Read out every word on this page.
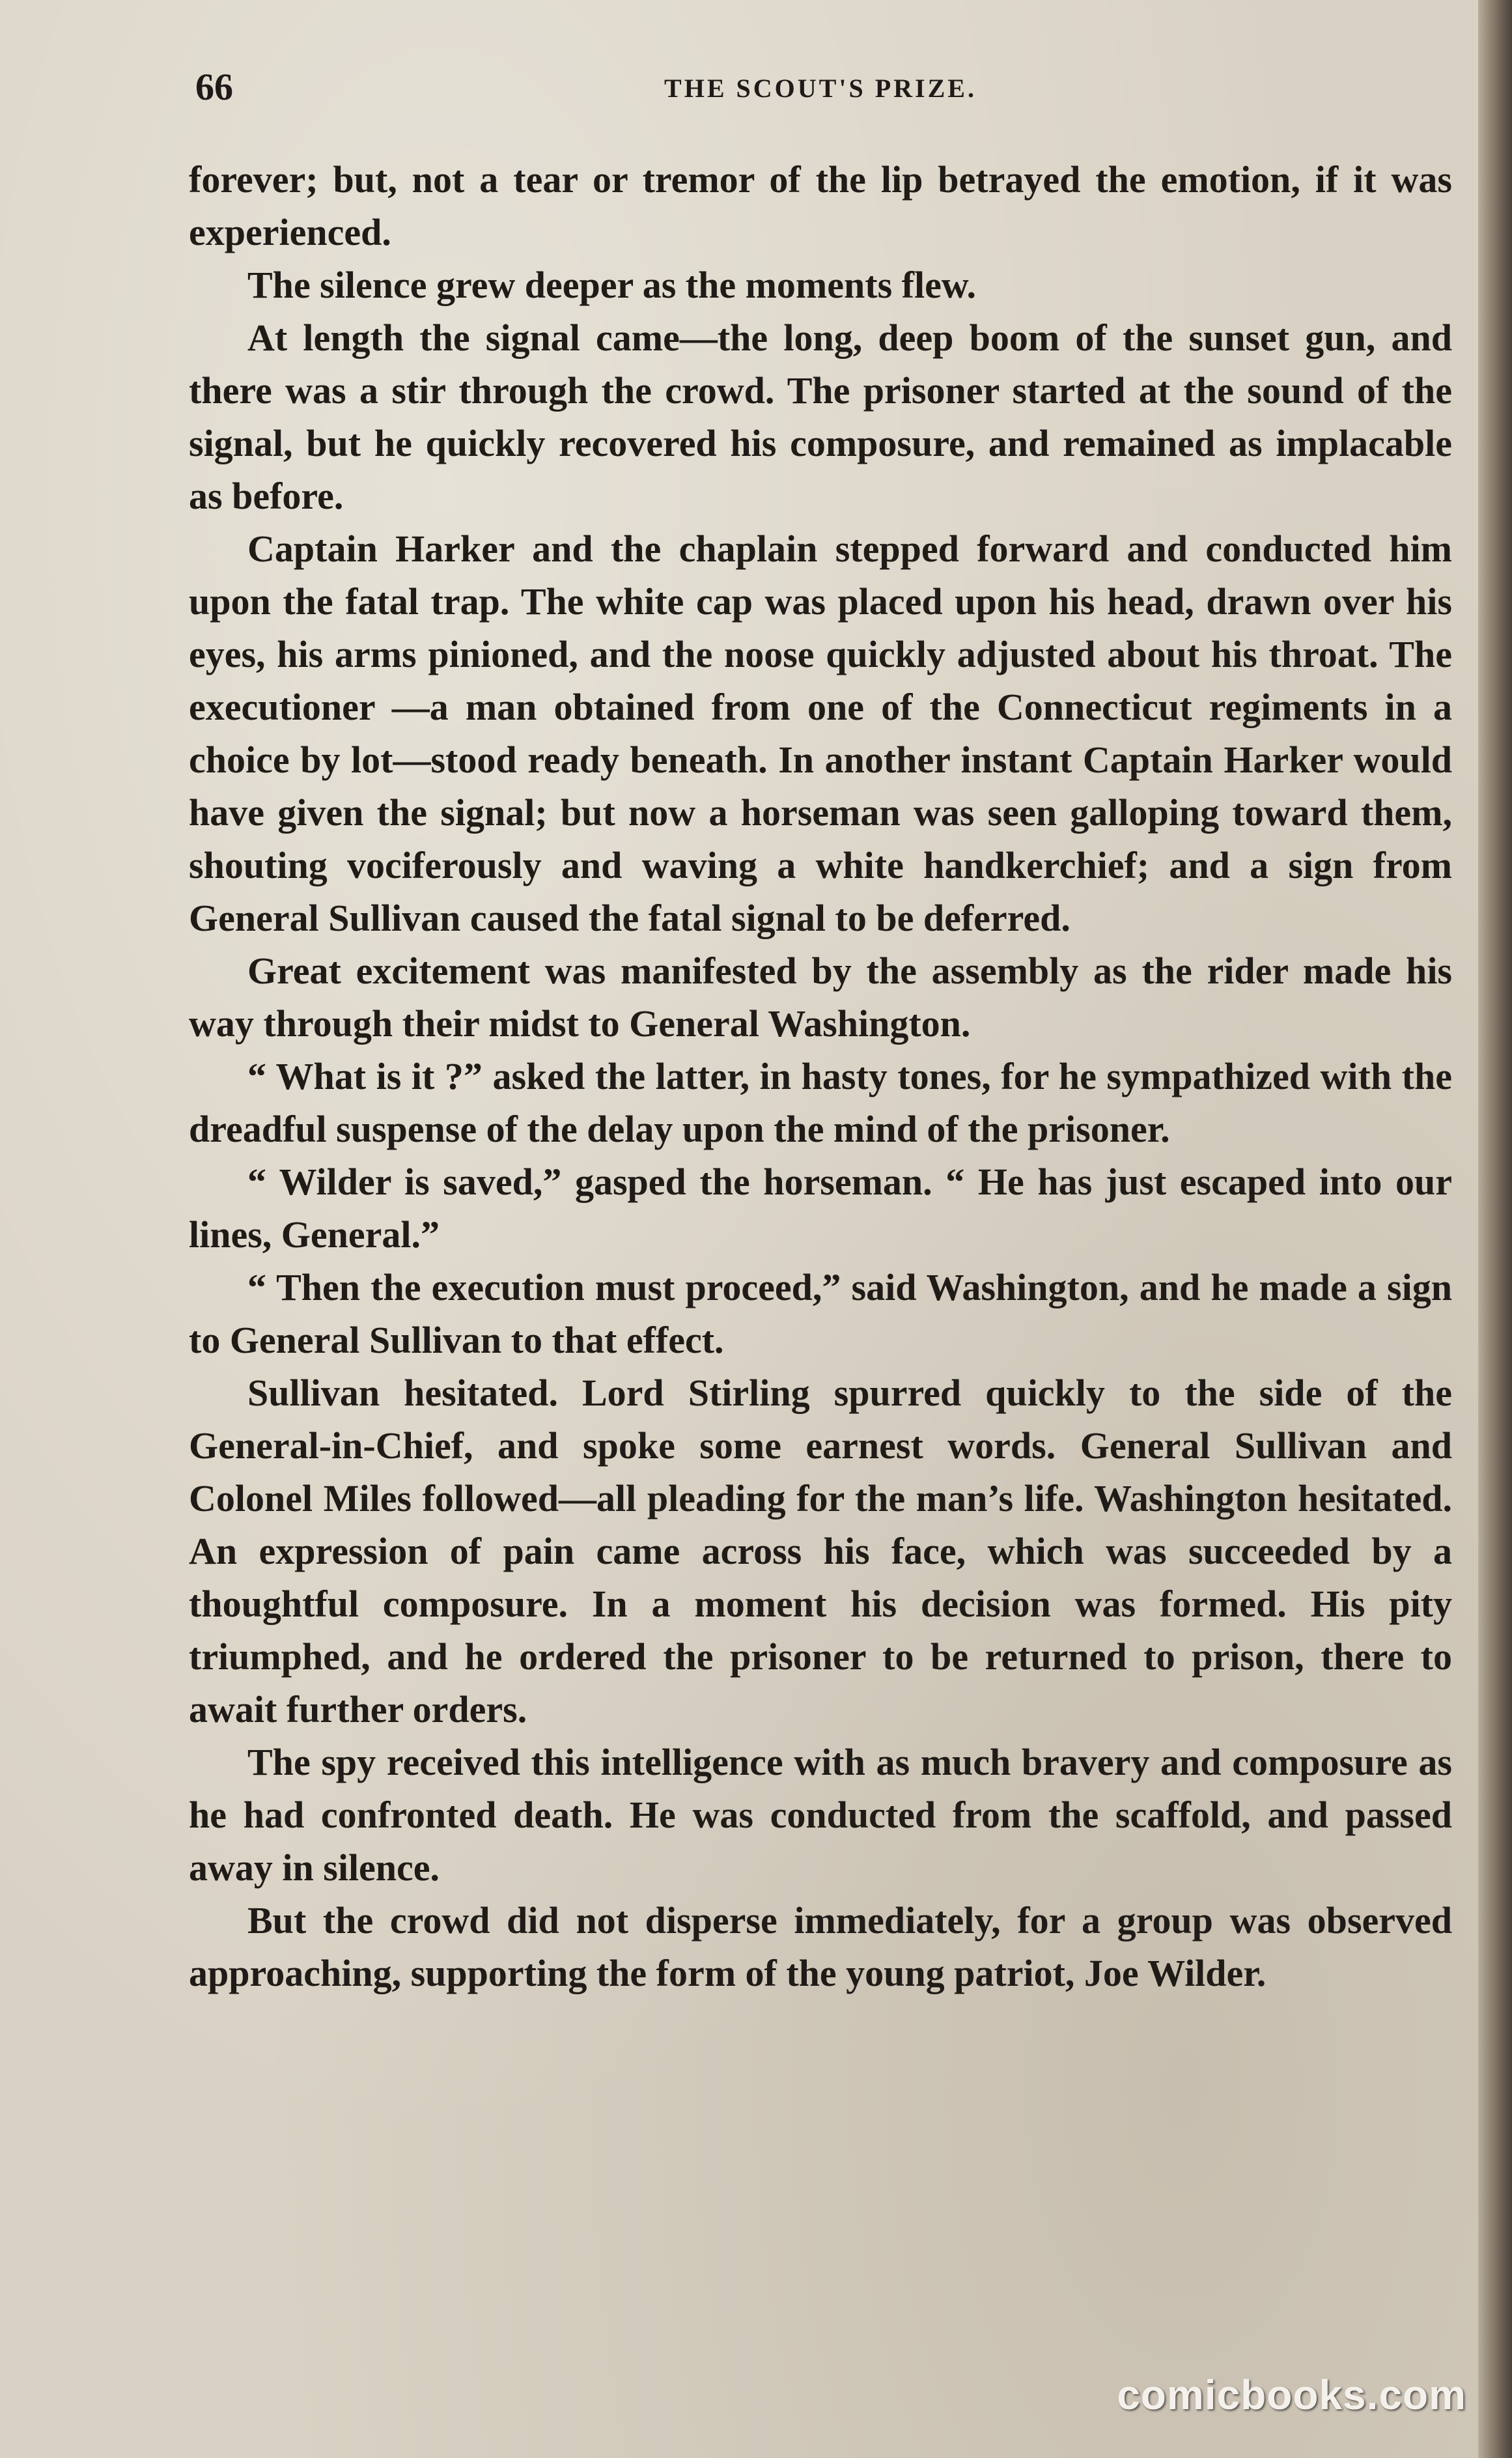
66	THE SCOUT'S PRIZE.

forever; but, not a tear or tremor of the lip betrayed the emotion, if it was experienced.

The silence grew deeper as the moments flew.

At length the signal came—the long, deep boom of the sunset gun, and there was a stir through the crowd. The prisoner started at the sound of the signal, but he quickly recovered his composure, and remained as implacable as before.

Captain Harker and the chaplain stepped forward and conducted him upon the fatal trap. The white cap was placed upon his head, drawn over his eyes, his arms pinioned, and the noose quickly adjusted about his throat. The executioner —a man obtained from one of the Connecticut regiments in a choice by lot—stood ready beneath. In another instant Captain Harker would have given the signal; but now a horseman was seen galloping toward them, shouting vociferously and waving a white handkerchief; and a sign from General Sullivan caused the fatal signal to be deferred.

Great excitement was manifested by the assembly as the rider made his way through their midst to General Washington.

“ What is it ?” asked the latter, in hasty tones, for he sympathized with the dreadful suspense of the delay upon the mind of the prisoner.

“ Wilder is saved,” gasped the horseman. “ He has just escaped into our lines, General.”

“ Then the execution must proceed,” said Washington, and he made a sign to General Sullivan to that effect.

Sullivan hesitated. Lord Stirling spurred quickly to the side of the General-in-Chief, and spoke some earnest words. General Sullivan and Colonel Miles followed—all pleading for the man’s life. Washington hesitated. An expression of pain came across his face, which was succeeded by a thoughtful composure. In a moment his decision was formed. His pity triumphed, and he ordered the prisoner to be returned to prison, there to await further orders.

The spy received this intelligence with as much bravery and composure as he had confronted death. He was conducted from the scaffold, and passed away in silence.

But the crowd did not disperse immediately, for a group was observed approaching, supporting the form of the young patriot, Joe Wilder.

comicbooks.com
